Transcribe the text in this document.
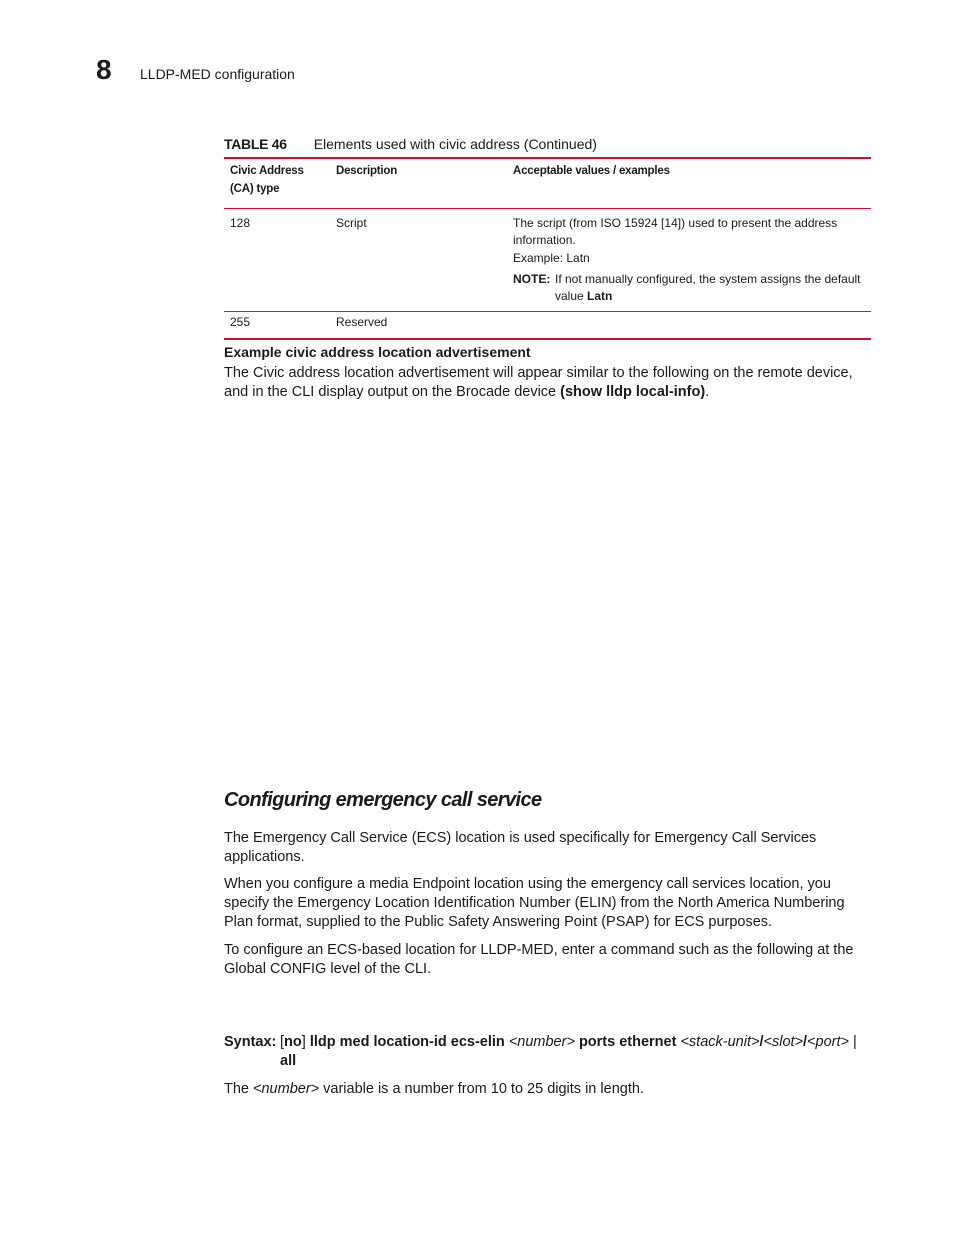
8 LLDP-MED configuration
TABLE 46 Elements used with civic address (Continued)
Civic Address (CA) type	Description	Acceptable values / examples
128	Script	The script (from ISO 15924 [14]) used to present the address information.
Example: Latn
NOTE: If not manually configured, the system assigns the default value Latn

255	Reserved	
Example civic address location advertisement

The Civic address location advertisement will appear similar to the following on the remote device, and in the CLI display output on the Brocade device (show lldp local-info).

Configuring emergency call service

The Emergency Call Service (ECS) location is used specifically for Emergency Call Services applications.

When you configure a media Endpoint location using the emergency call services location, you specify the Emergency Location Identification Number (ELIN) from the North America Numbering Plan format, supplied to the Public Safety Answering Point (PSAP) for ECS purposes.

To configure an ECS-based location for LLDP-MED, enter a command such as the following at the Global CONFIG level of the CLI.

Syntax: [no] lldp med location-id ecs-elin <number> ports ethernet <stack-unit>/<slot>/<port> |
all

The <number> variable is a number from 10 to 25 digits in length.
